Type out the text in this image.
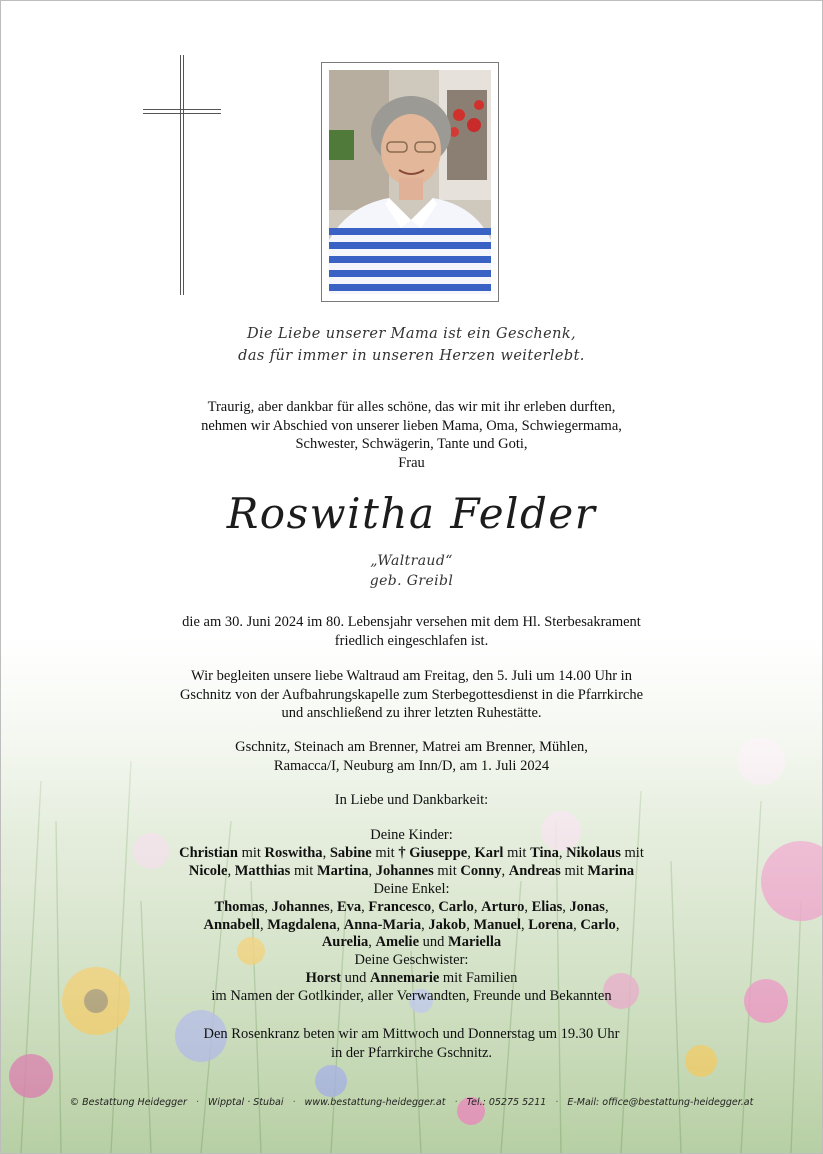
Die Liebe unserer Mama ist ein Geschenk,
das für immer in unseren Herzen weiterlebt.
Traurig, aber dankbar für alles schöne, das wir mit ihr erleben durften,
nehmen wir Abschied von unserer lieben Mama, Oma, Schwiegermama,
Schwester, Schwägerin, Tante und Goti,
Frau
Roswitha Felder
„Waltraud“
geb. Greibl
die am 30. Juni 2024 im 80. Lebensjahr versehen mit dem Hl. Sterbesakrament
friedlich eingeschlafen ist.
Wir begleiten unsere liebe Waltraud am Freitag, den 5. Juli um 14.00 Uhr in
Gschnitz von der Aufbahrungskapelle zum Sterbegottesdienst in die Pfarrkirche
und anschließend zu ihrer letzten Ruhestätte.
Gschnitz, Steinach am Brenner, Matrei am Brenner, Mühlen,
Ramacca/I, Neuburg am Inn/D, am 1. Juli 2024
In Liebe und Dankbarkeit:
Deine Kinder:
Christian mit Roswitha, Sabine mit † Giuseppe, Karl mit Tina, Nikolaus mit
Nicole, Matthias mit Martina, Johannes mit Conny, Andreas mit Marina
Deine Enkel:
Thomas, Johannes, Eva, Francesco, Carlo, Arturo, Elias, Jonas,
Annabell, Magdalena, Anna-Maria, Jakob, Manuel, Lorena, Carlo,
Aurelia, Amelie und Mariella
Deine Geschwister:
Horst und Annemarie mit Familien
im Namen der Gotlkinder, aller Verwandten, Freunde und Bekannten
Den Rosenkranz beten wir am Mittwoch und Donnerstag um 19.30 Uhr
in der Pfarrkirche Gschnitz.
© Bestattung Heidegger · Wipptal · Stubai · www.bestattung-heidegger.at · Tel.: 05275 5211 · E-Mail: office@bestattung-heidegger.at
